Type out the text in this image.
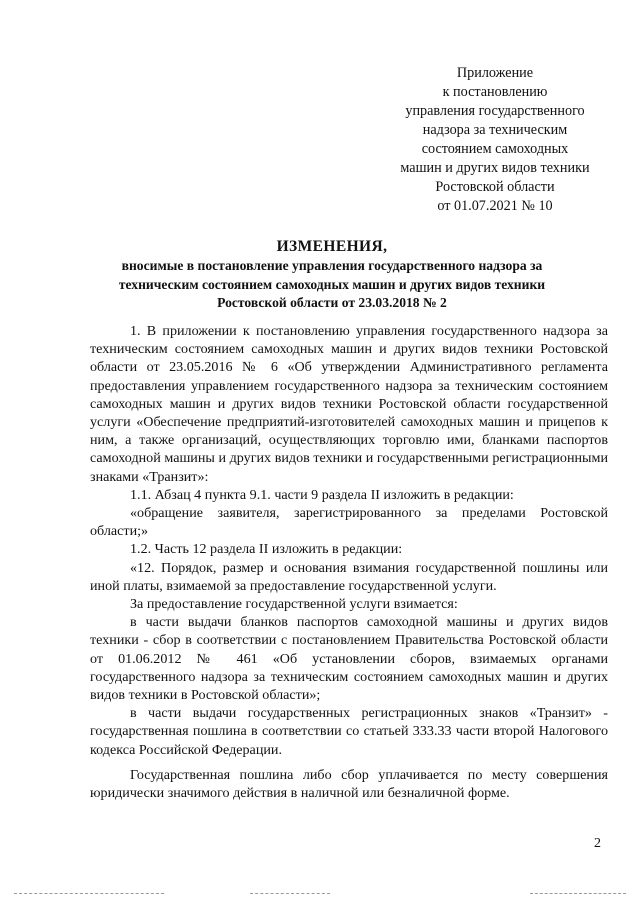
Приложение
к постановлению
управления государственного
надзора за техническим
состоянием самоходных
машин и других видов техники
Ростовской области
от 01.07.2021 № 10
ИЗМЕНЕНИЯ,
вносимые в постановление управления государственного надзора за
техническим состоянием самоходных машин и других видов техники
Ростовской области от 23.03.2018 № 2

1. В приложении к постановлению управления государственного надзора за техническим состоянием самоходных машин и других видов техники Ростовской области от 23.05.2016 № 6 «Об утверждении Административного регламента предоставления управлением государственного надзора за техническим состоянием самоходных машин и других видов техники Ростовской области государственной услуги «Обеспечение предприятий-изготовителей самоходных машин и прицепов к ним, а также организаций, осуществляющих торговлю ими, бланками паспортов самоходной машины и других видов техники и государственными регистрационными знаками «Транзит»:

1.1. Абзац 4 пункта 9.1. части 9 раздела II изложить в редакции:

«обращение заявителя, зарегистрированного за пределами Ростовской области;»

1.2. Часть 12 раздела II изложить в редакции:

«12. Порядок, размер и основания взимания государственной пошлины или иной платы, взимаемой за предоставление государственной услуги.

За предоставление государственной услуги взимается:

в части выдачи бланков паспортов самоходной машины и других видов техники - сбор в соответствии с постановлением Правительства Ростовской области от 01.06.2012 № 461 «Об установлении сборов, взимаемых органами государственного надзора за техническим состоянием самоходных машин и других видов техники в Ростовской области»;

в части выдачи государственных регистрационных знаков «Транзит» - государственная пошлина в соответствии со статьей 333.33 части второй Налогового кодекса Российской Федерации.

Государственная пошлина либо сбор уплачивается по месту совершения юридически значимого действия в наличной или безналичной форме.

2
